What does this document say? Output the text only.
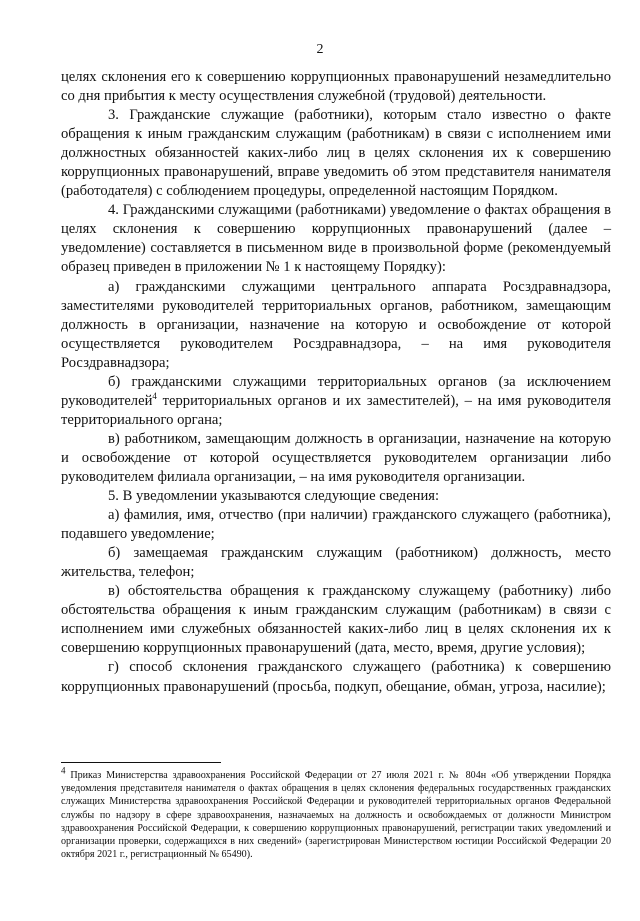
2

целях склонения его к совершению коррупционных правонарушений незамедлительно со дня прибытия к месту осуществления служебной (трудовой) деятельности.

3. Гражданские служащие (работники), которым стало известно о факте обращения к иным гражданским служащим (работникам) в связи с исполнением ими должностных обязанностей каких-либо лиц в целях склонения их к совершению коррупционных правонарушений, вправе уведомить об этом представителя нанимателя (работодателя) с соблюдением процедуры, определенной настоящим Порядком.

4. Гражданскими служащими (работниками) уведомление о фактах обращения в целях склонения к совершению коррупционных правонарушений (далее – уведомление) составляется в письменном виде в произвольной форме (рекомендуемый образец приведен в приложении № 1 к настоящему Порядку):

а) гражданскими служащими центрального аппарата Росздравнадзора, заместителями руководителей территориальных органов, работником, замещающим должность в организации, назначение на которую и освобождение от которой осуществляется руководителем Росздравнадзора, – на имя руководителя Росздравнадзора;

б) гражданскими служащими территориальных органов (за исключением руководителей$^4$ территориальных органов и их заместителей), – на имя руководителя территориального органа;

в) работником, замещающим должность в организации, назначение на которую и освобождение от которой осуществляется руководителем организации либо руководителем филиала организации, – на имя руководителя организации.

5. В уведомлении указываются следующие сведения:

а) фамилия, имя, отчество (при наличии) гражданского служащего (работника), подавшего уведомление;

б) замещаемая гражданским служащим (работником) должность, место жительства, телефон;

в) обстоятельства обращения к гражданскому служащему (работнику) либо обстоятельства обращения к иным гражданским служащим (работникам) в связи с исполнением ими служебных обязанностей каких-либо лиц в целях склонения их к совершению коррупционных правонарушений (дата, место, время, другие условия);

г) способ склонения гражданского служащего (работника) к совершению коррупционных правонарушений (просьба, подкуп, обещание, обман, угроза, насилие);

$^4$ Приказ Министерства здравоохранения Российской Федерации от 27 июля 2021 г. № 804н «Об утверждении Порядка уведомления представителя нанимателя о фактах обращения в целях склонения федеральных государственных гражданских служащих Министерства здравоохранения Российской Федерации и руководителей территориальных органов Федеральной службы по надзору в сфере здравоохранения, назначаемых на должность и освобождаемых от должности Министром здравоохранения Российской Федерации, к совершению коррупционных правонарушений, регистрации таких уведомлений и организации проверки, содержащихся в них сведений» (зарегистрирован Министерством юстиции Российской Федерации 20 октября 2021 г., регистрационный № 65490).
